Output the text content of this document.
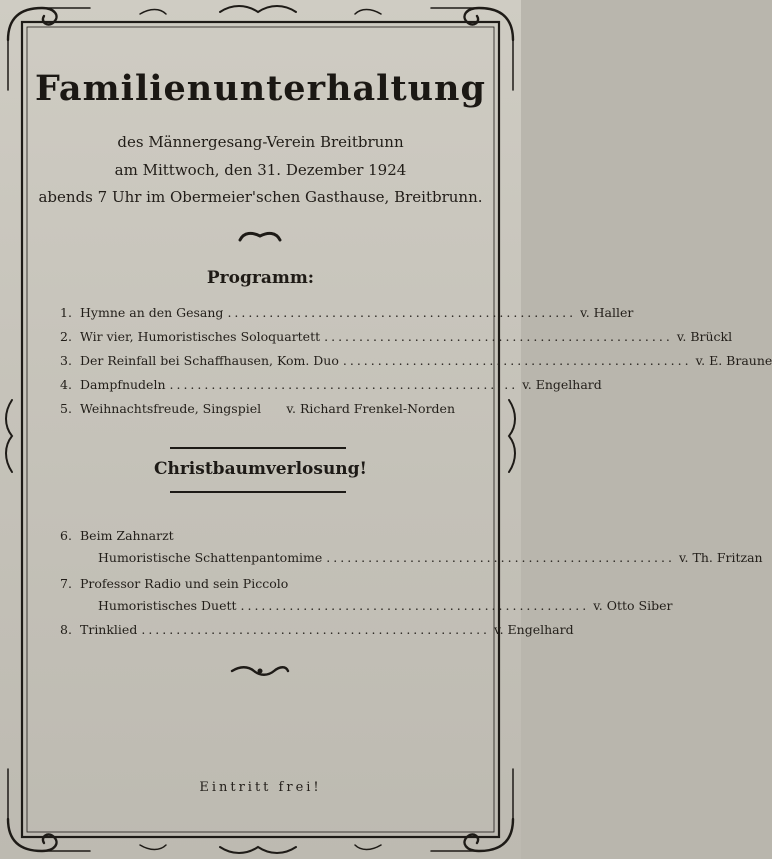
Familienunterhaltung
des Männergesang-Verein Breitbrunn
am Mittwoch, den 31. Dezember 1924
abends 7 Uhr im Obermeier'schen Gasthause, Breitbrunn.
Programm:
1. Hymne an den Gesang .................................................. v. Haller
2. Wir vier, Humoristisches Soloquartett .................................................. v. Brückl
3. Der Reinfall bei Schaffhausen, Kom. Duo .................................................. v. E. Braune
4. Dampfnudeln .................................................. v. Engelhard
5. Weihnachtsfreude, Singspiel v. Richard Frenkel-Norden
Christbaumverlosung!
6. Beim Zahnarzt
Humoristische Schattenpantomime .................................................. v. Th. Fritzan
7. Professor Radio und sein Piccolo
Humoristisches Duett .................................................. v. Otto Siber
8. Trinklied .................................................. v. Engelhard
Eintritt frei!
